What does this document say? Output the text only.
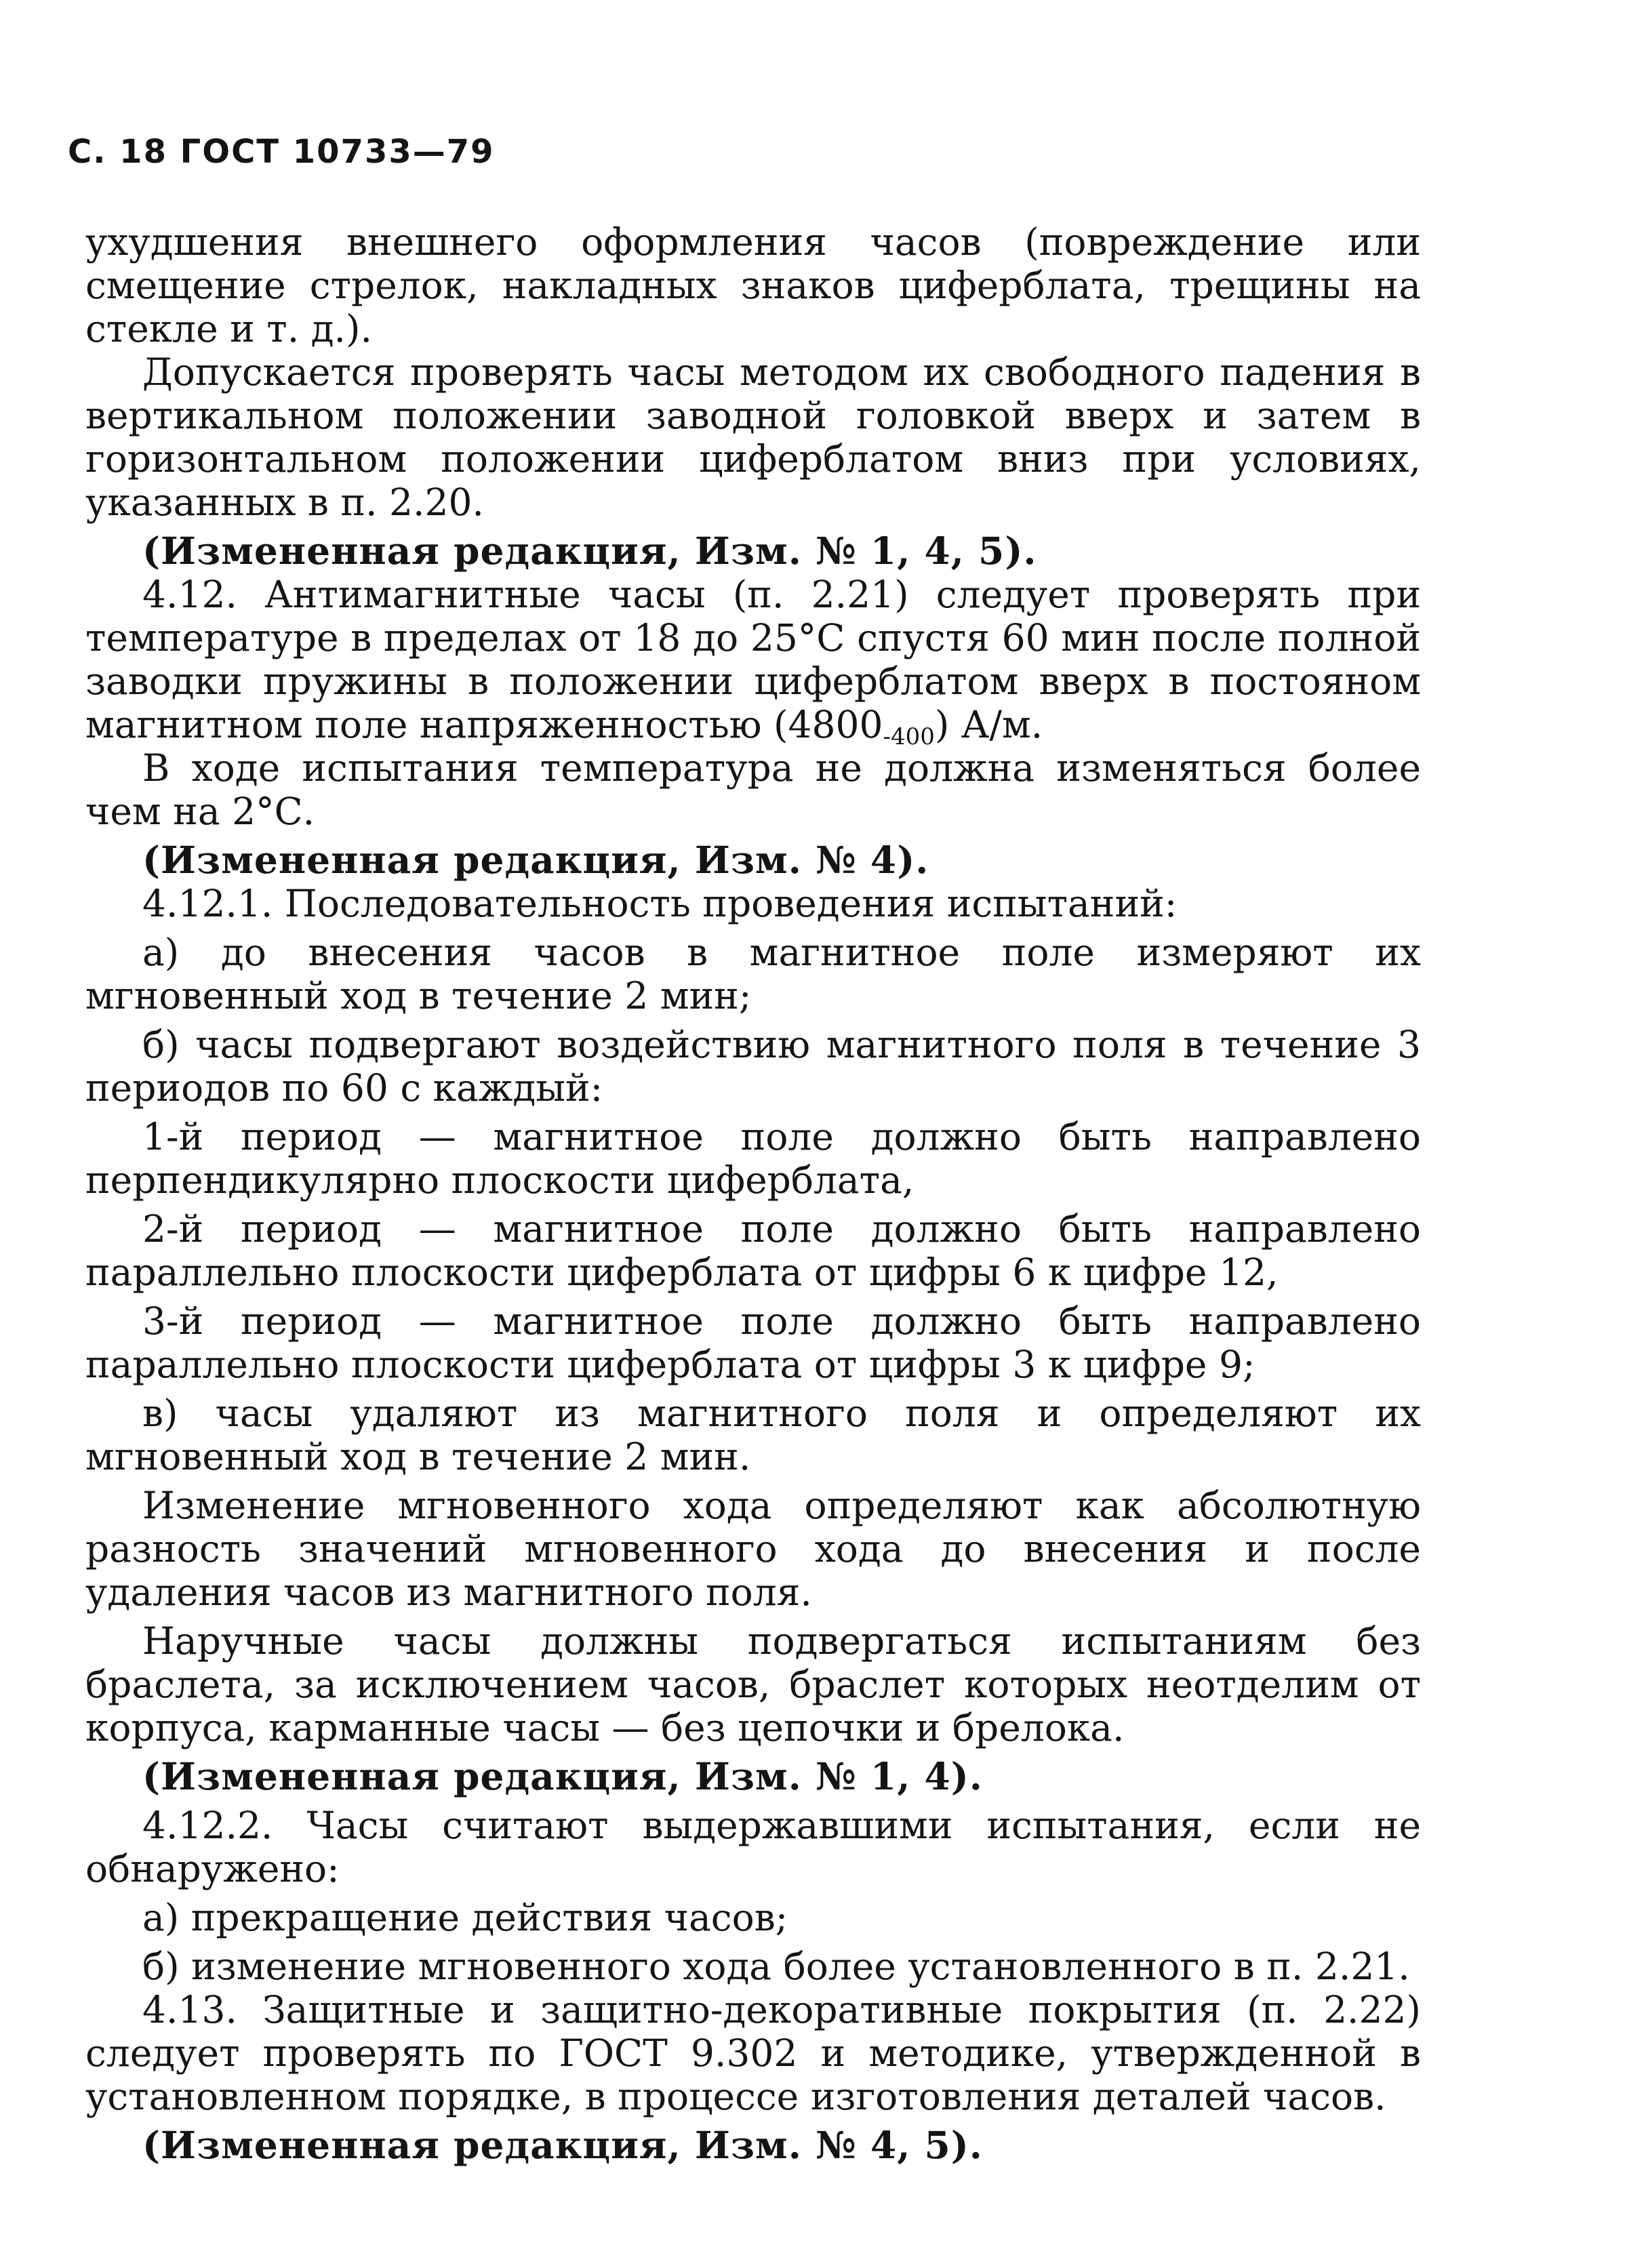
С. 18 ГОСТ 10733—79

ухудшения внешнего оформления часов (повреждение или смещение стрелок, накладных знаков циферблата, трещины на стекле и т. д.).

Допускается проверять часы методом их свободного падения в вертикальном положении заводной головкой вверх и затем в горизонтальном положении циферблатом вниз при условиях, указанных в п. 2.20.

(Измененная редакция, Изм. № 1, 4, 5).

4.12. Антимагнитные часы (п. 2.21) следует проверять при температуре в пределах от 18 до 25°С спустя 60 мин после полной заводки пружины в положении циферблатом вверх в постояном магнитном поле напряженностью $(4800_{-400})$ А/м.

В ходе испытания температура не должна изменяться более чем на 2°С.

(Измененная редакция, Изм. № 4).

4.12.1. Последовательность проведения испытаний:

а) до внесения часов в магнитное поле измеряют их мгновенный ход в течение 2 мин;

б) часы подвергают воздействию магнитного поля в течение 3 периодов по 60 с каждый:

1-й период — магнитное поле должно быть направлено перпендикулярно плоскости циферблата,

2-й период — магнитное поле должно быть направлено параллельно плоскости циферблата от цифры 6 к цифре 12,

3-й период — магнитное поле должно быть направлено параллельно плоскости циферблата от цифры 3 к цифре 9;

в) часы удаляют из магнитного поля и определяют их мгновенный ход в течение 2 мин.

Изменение мгновенного хода определяют как абсолютную разность значений мгновенного хода до внесения и после удаления часов из магнитного поля.

Наручные часы должны подвергаться испытаниям без браслета, за исключением часов, браслет которых неотделим от корпуса, карманные часы — без цепочки и брелока.

(Измененная редакция, Изм. № 1, 4).

4.12.2. Часы считают выдержавшими испытания, если не обнаружено:

а) прекращение действия часов;

б) изменение мгновенного хода более установленного в п. 2.21.

4.13. Защитные и защитно-декоративные покрытия (п. 2.22) следует проверять по ГОСТ 9.302 и методике, утвержденной в установленном порядке, в процессе изготовления деталей часов.

(Измененная редакция, Изм. № 4, 5).
